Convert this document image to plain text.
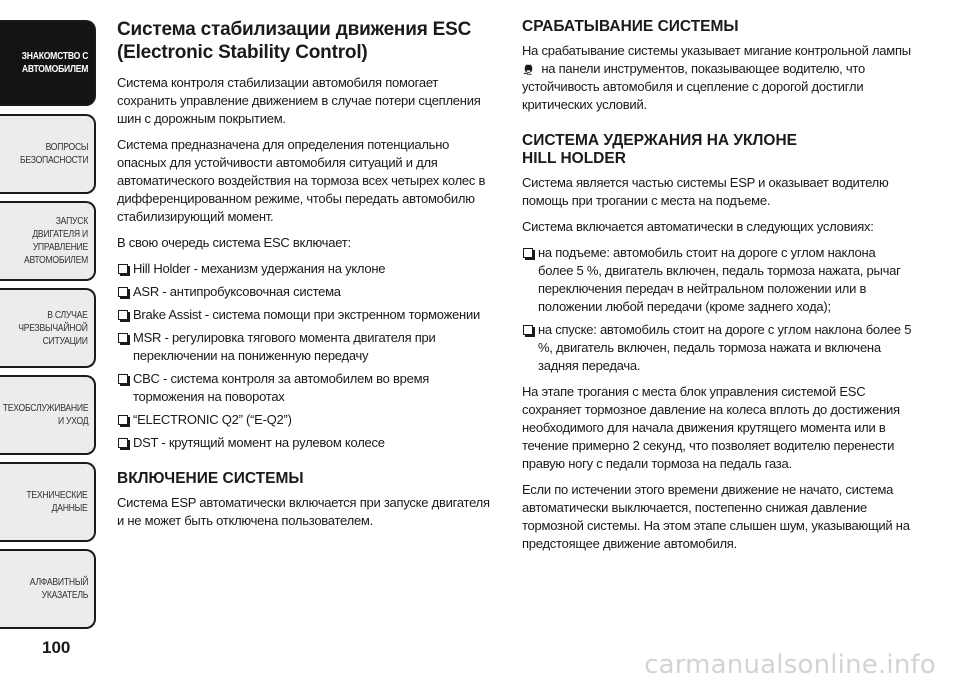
ЗНАКОМСТВО С
АВТОМОБИЛЕМ
ВОПРОСЫ
БЕЗОПАСНОСТИ
ЗАПУСК ДВИГАТЕЛЯ И
УПРАВЛЕНИЕ
АВТОМОБИЛЕМ
В СЛУЧАЕ
ЧРЕЗВЫЧАЙНОЙ
СИТУАЦИИ
ТЕХОБСЛУЖИВАНИЕ
И УХОД
ТЕХНИЧЕСКИЕ
ДАННЫЕ
АЛФАВИТНЫЙ
УКАЗАТЕЛЬ
100
Система стабилизации движения ESC (Electronic Stability Control)

Система контроля стабилизации автомобиля помогает сохранить управление движением в случае потери сцепления шин с дорожным покрытием.

Система предназначена для определения потенциально опасных для устойчивости автомобиля ситуаций и для автоматического воздействия на тормоза всех четырех колес в дифференцированном режиме, чтобы передать автомобилю стабилизирующий момент.

В свою очередь система ESC включает:

Hill Holder - механизм удержания на уклоне
ASR - антипробуксовочная система
Brake Assist - система помощи при экстренном торможении
MSR - регулировка тягового момента двигателя при переключении на пониженную передачу
CBC - система контроля за автомобилем во время торможения на поворотах
“ELECTRONIC Q2” (“E-Q2”)
DST - крутящий момент на рулевом колесе
ВКЛЮЧЕНИЕ СИСТЕМЫ

Система ESP автоматически включается при запуске двигателя и не может быть отключена пользователем.

СРАБАТЫВАНИЕ СИСТЕМЫ

На срабатывание системы указывает мигание контрольной лампы
на панели инструментов, показывающее водителю, что устойчивость автомобиля и сцепление с дорогой достигли критических условий.

СИСТЕМА УДЕРЖАНИЯ НА УКЛОНЕ
HILL HOLDER

Система является частью системы ESP и оказывает водителю помощь при трогании с места на подъеме.

Система включается автоматически в следующих условиях:

на подъеме: автомобиль стоит на дороге с углом наклона более 5 %, двигатель включен, педаль тормоза нажата, рычаг переключения передач в нейтральном положении или в положении любой передачи (кроме заднего хода);
на спуске: автомобиль стоит на дороге с углом наклона более 5 %, двигатель включен, педаль тормоза нажата и включена задняя передача.

На этапе трогания с места блок управления системой ESC сохраняет тормозное давление на колеса вплоть до достижения необходимого для начала движения крутящего момента или в течение примерно 2 секунд, что позволяет водителю перенести правую ногу с педали тормоза на педаль газа.

Если по истечении этого времени движение не начато, система автоматически выключается, постепенно снижая давление тормозной системы. На этом этапе слышен шум, указывающий на предстоящее движение автомобиля.

carmanualsonline.info
